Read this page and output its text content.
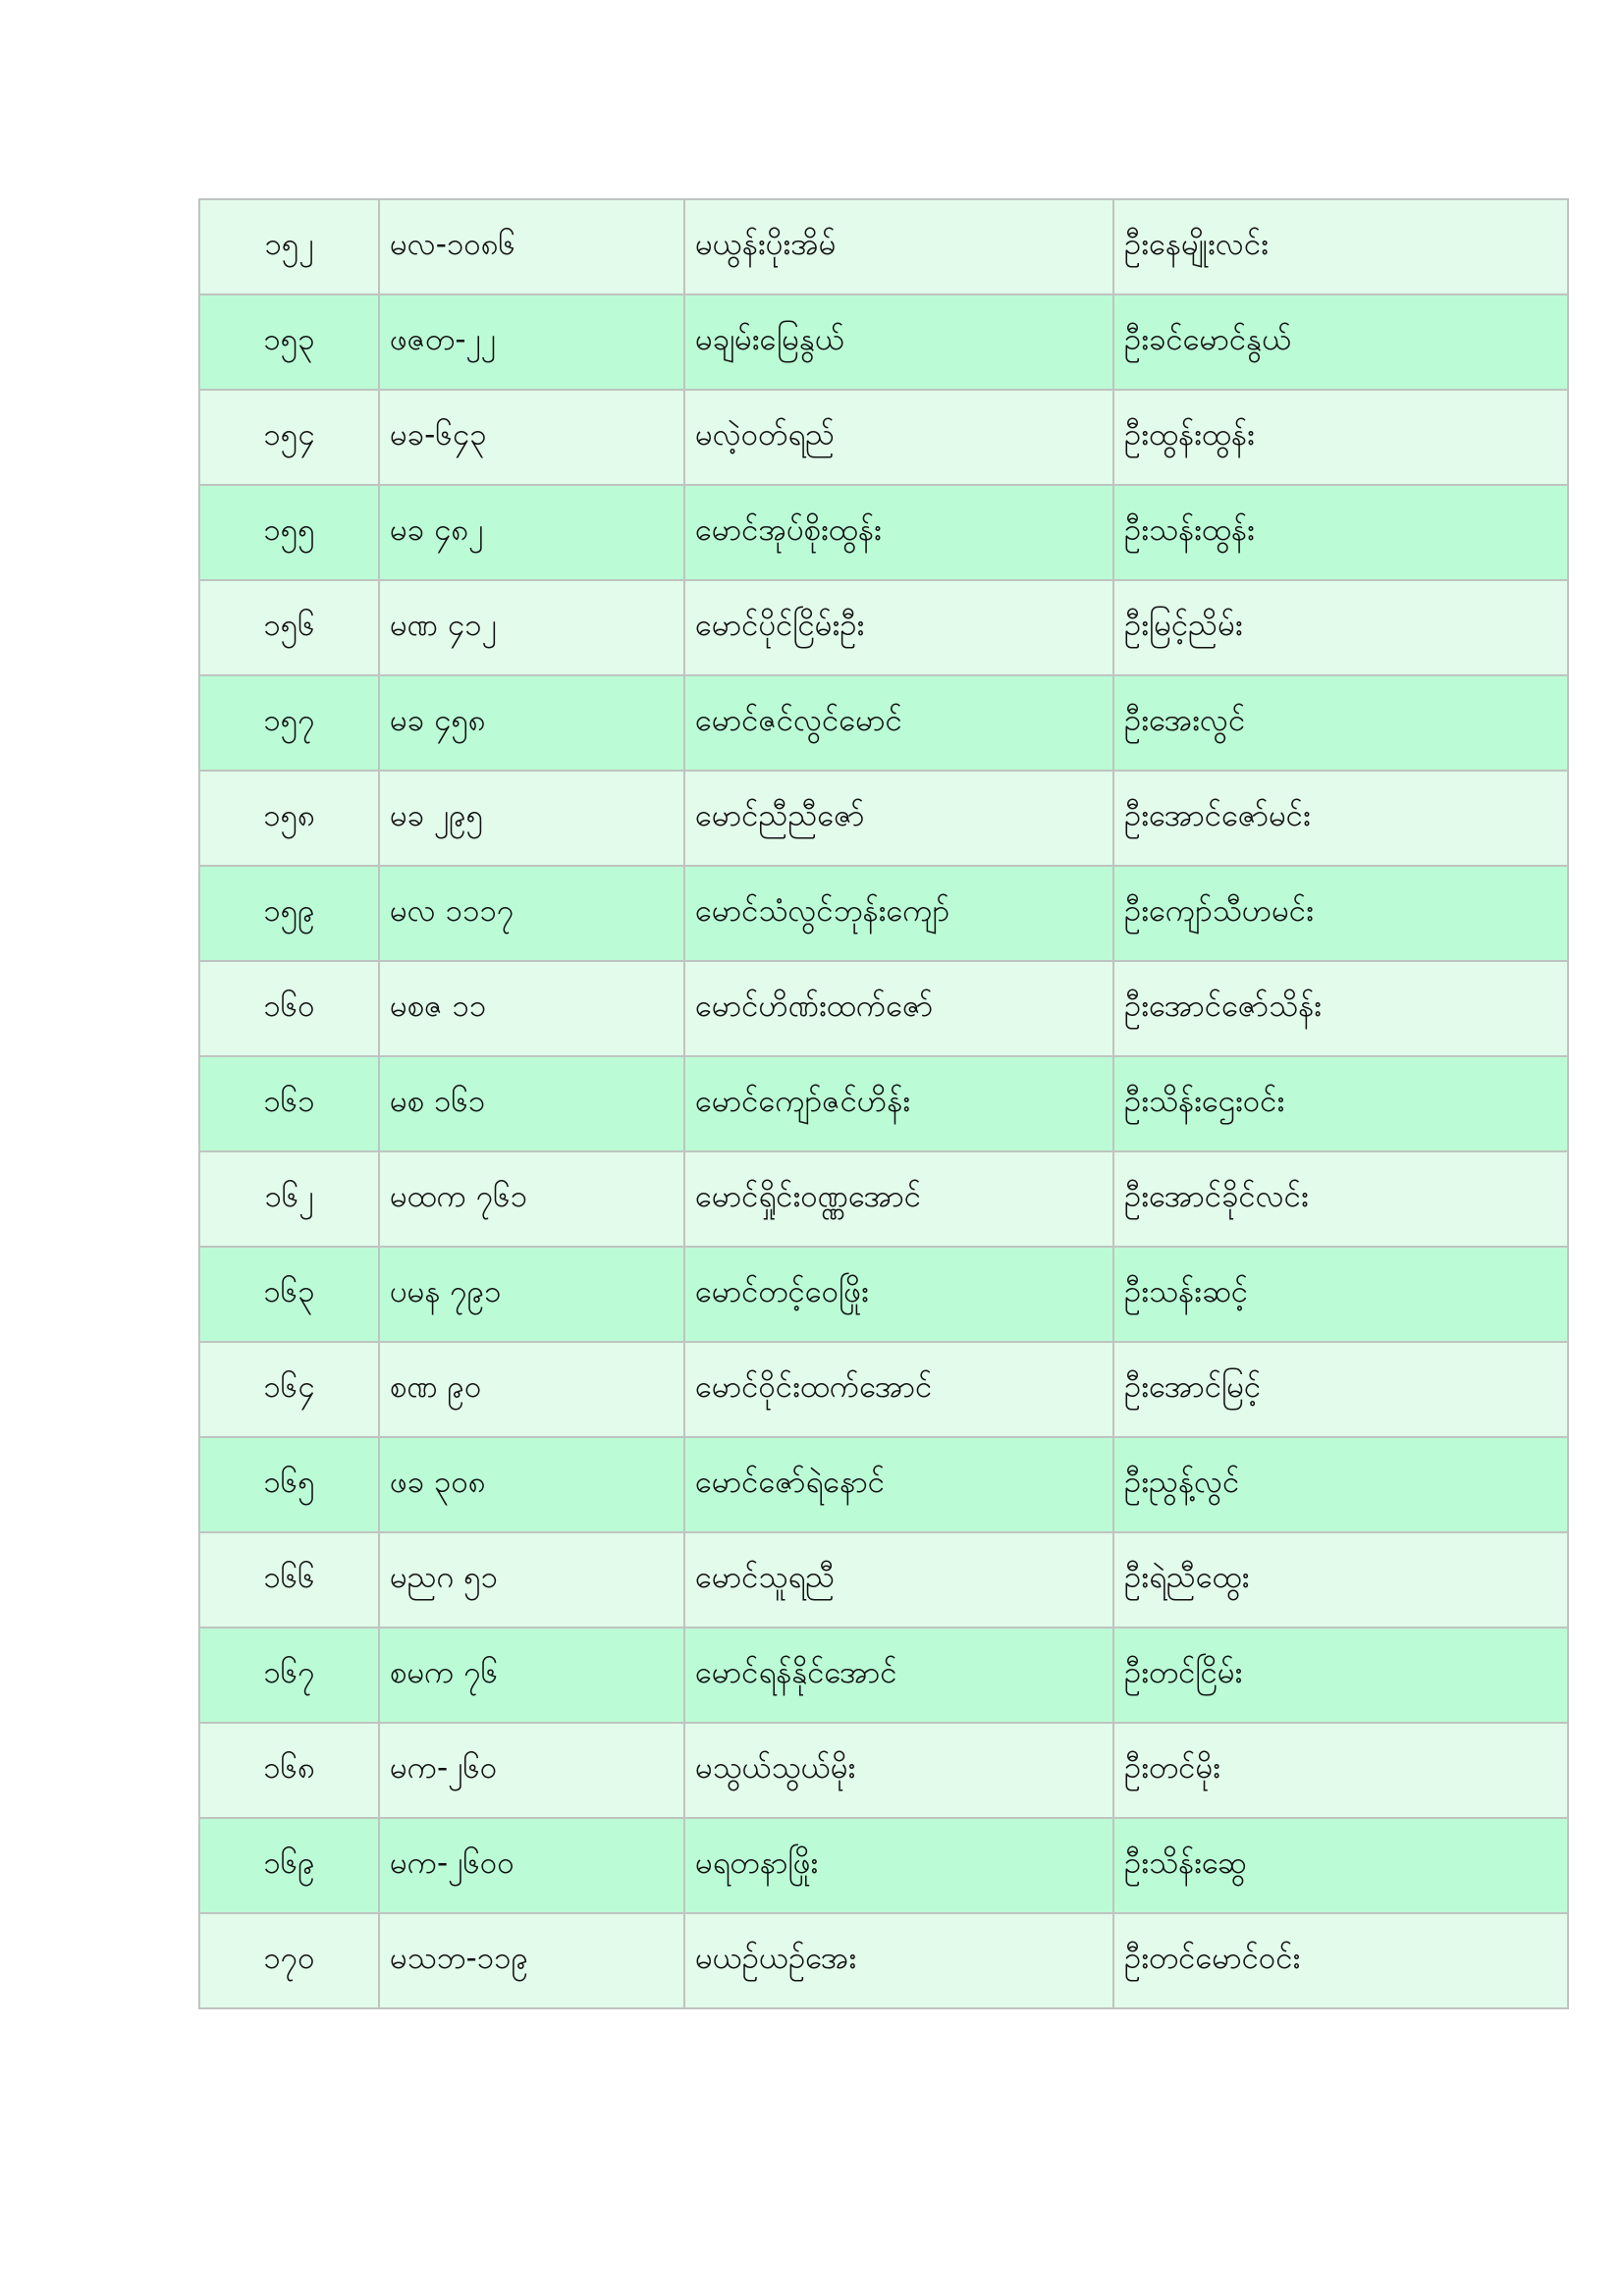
၁၅၂	မလ-၁၀၈၆	မယွန်းပိုးအိမ်	ဦးနေမျိုးလင်း
၁၅၃	ဖဇတ-၂၂	မချမ်းမြေနွယ်	ဦးခင်မောင်နွယ်
၁၅၄	မခ-၆၄၃	မလဲ့ဝတ်ရည်	ဦးထွန်းထွန်း
၁၅၅	မခ ၄၈၂	မောင်အုပ်စိုးထွန်း	ဦးသန်းထွန်း
၁၅၆	မဏ ၄၁၂	မောင်ပိုင်ငြိမ်းဦး	ဦးမြင့်ညိမ်း
၁၅၇	မခ ၄၅၈	မောင်ဇင်လွင်မောင်	ဦးအေးလွင်
၁၅၈	မခ ၂၉၅	မောင်ညီညီဇော်	ဦးအောင်ဇော်မင်း
၁၅၉	မလ ၁၁၁၇	မောင်သံလွင်ဘုန်းကျော်	ဦးကျော်သီဟမင်း
၁၆၀	မစဇ ၁၁	မောင်ဟိဏ်းထက်ဇော်	ဦးအောင်ဇော်သိန်း
၁၆၁	မစ ၁၆၁	မောင်ကျော်ဇင်ဟိန်း	ဦးသိန်းဌေးဝင်း
၁၆၂	မထက ၇၆၁	မောင်ရှိုင်းဝဏ္ဏအောင်	ဦးအောင်ခိုင်လင်း
၁၆၃	ပမန ၇၉၁	မောင်တင့်ဝေဖြိုး	ဦးသန်းဆင့်
၁၆၄	စဏ ၉၀	မောင်ဝိုင်းထက်အောင်	ဦးအောင်မြင့်
၁၆၅	ဖခ ၃၀၈	မောင်ဇော်ရဲနောင်	ဦးညွန့်လွင်
၁၆၆	မညဂ ၅၁	မောင်သူရညီ	ဦးရဲညီထွေး
၁၆၇	စမက ၇၆	မောင်ရန်နိုင်အောင်	ဦးတင်ငြိမ်း
၁၆၈	မက-၂၆၀	မသွယ်သွယ်မိုး	ဦးတင်မိုး
၁၆၉	မက-၂၆၀၀	မရတနာဖြိုး	ဦးသိန်းဆွေ
၁၇၀	မသဘ-၁၁၉	မယဉ်ယဉ်အေး	ဦးတင်မောင်ဝင်း
